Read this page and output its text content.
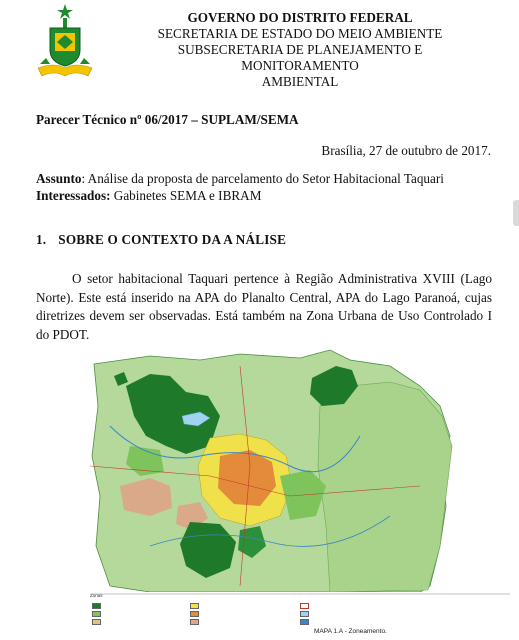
GOVERNO DO DISTRITO FEDERAL
SECRETARIA DE ESTADO DO MEIO AMBIENTE
SUBSECRETARIA DE PLANEJAMENTO E MONITORAMENTO
AMBIENTAL
Parecer Técnico nº 06/2017 – SUPLAM/SEMA
Brasília, 27 de outubro de 2017.
Assunto: Análise da proposta de parcelamento do Setor Habitacional Taquari
Interessados: Gabinetes SEMA e IBRAM
1. SOBRE O CONTEXTO DA A NÁLISE

O setor habitacional Taquari pertence à Região Administrativa XVIII (Lago Norte). Este está inserido na APA do Planalto Central, APA do Lago Paranoá, cujas diretrizes devem ser observadas. Está também na Zona Urbana de Uso Controlado I do PDOT.

Zonas
MAPA 1.A - Zoneamento.
